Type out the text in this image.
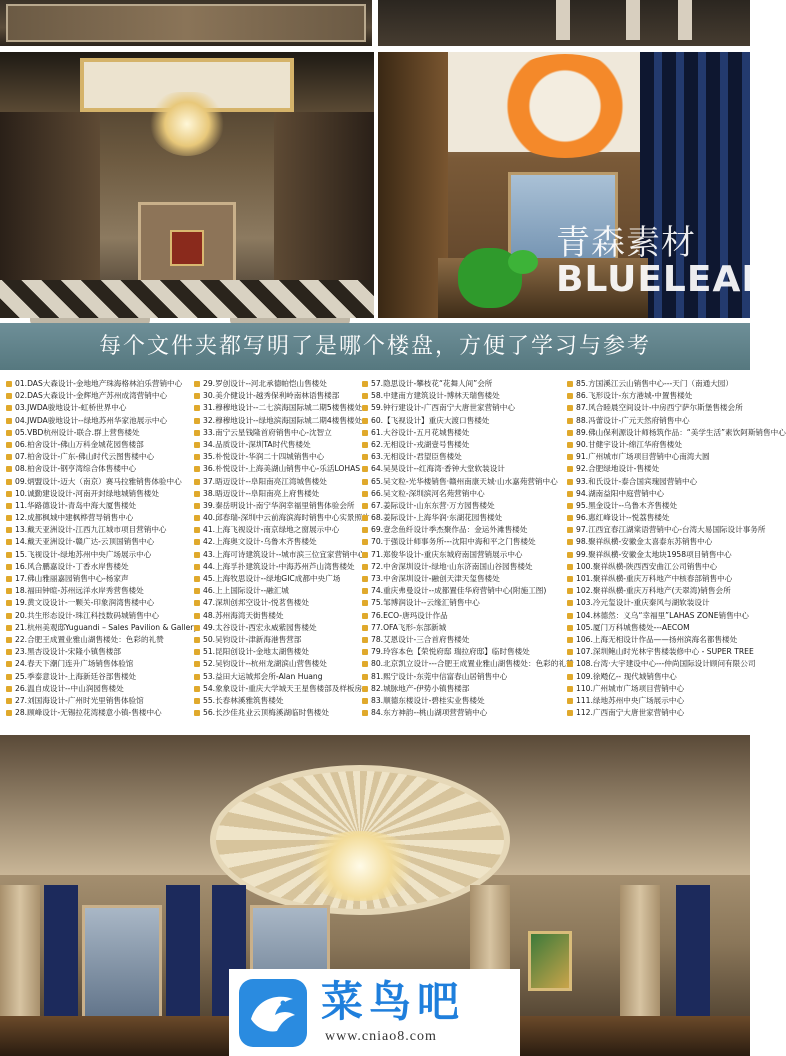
青森素材
BLUELEAF
每个文件夹都写明了是哪个楼盘，方便了学习与参考
01.DAS大森设计-金地地产珠海格林泊乐营销中心
02.DAS大森设计-金辉地产苏州成湾营销中心
03.JWDA骏地设计-虹桥世界中心
04.JWDA骏地设计--绿地苏州华家池展示中心
05.VBD杭州设计-联合.群上营售楼处
06.柏舍设计-佛山万科金城花园售楼部
07.柏舍设计-广东-佛山时代云图售楼中心
08.柏舍设计-钢亨湾综合体售楼中心
09.炳盟设计-迈大（南京）赛马拉雅销售体验中心
10.诚勤建设设计-河南开封绿地城销售楼处
11.华路德设计-青岛中海大厦售楼处
12.成都枫城中建枫桦营导销售中心
13.戴天亚洲设计-江西九江城市项目营销中心
14.戴天亚洲设计-赣广达-云顶国销售中心
15.飞视设计-绿地苏州中央广场展示中心
16.风合鹏嘉设计-丁香水岸售楼处
17.佛山雅丽嘉园销售中心-杨家声
18.福田钟暄-苏州远洋水岸秀营售楼处
19.黄文设设计-一颗关-印象润湾售楼中心
20.共生形态设计-珠江科技数码城销售中心
21.杭州美观邸Yuguandi – Sales Pavilion & Gallery
22.合肥王成置业雅山湖售楼处：色彩的礼赞
23.黑杏设设计-宋隆小镇售楼部
24.春天下潮门连升广场销售体验馆
25.季泰意设计-上海新廷谷部售楼处
26.温自成设计--中山润园售楼处
27.刘国海设计-广州时光里销售体验馆
28.顾峰设计-无锡拉花湾楼意小镇-售楼中心
29.罗创设计--河北承德帕恺山售楼处
30.美介健设计-越秀保利岭南林语售楼部
31.穆穆地设计--二七滨海国际城二期5楼售楼处
32.穆穆地设计--绿地滨海国际城二期4楼售楼处
33.南宁云星钱隆首府销售中心-沈智立
34.品质设计-深圳TA时代售楼处
35.朴悦设计-华润二十四城销售中心
36.朴悦设计-上海美湖山销售中心-乐活LOHAS
37.晤迈设计--阜阳南亮江湾城售楼处
38.晤迈设计--阜阳南亮上府售楼处
39.秦岳明设计-南宁华润幸福里销售体验会所
40.邱春瑞-深圳中云前海滨海时销售中心实景照片
41.上海飞视设计-南京绿地之窗展示中心
42.上海奥文设计-乌鲁木齐售楼处
43.上海可诗建筑设计--城市滨三位宜家营销中心
44.上海孚扑建筑设计-中海苏州芦山湾售楼处
45.上海牧思设计--绿地GIC成都中央广场
46.上上国际设计--融汇城
47.深圳创邦空设计-悦茗售楼处
48.苏州海湾天街售楼处
49.太谷设计-西宏永威紫园售楼处
50.吴钧设计-津新海港售营部
51.昆阳创设计-金地太湖售楼处
52.吴钧设计--杭州龙湖滨山营售楼处
53.益田大运城邦会所-Alan Huang
54.象象设计-重庆大学城天王星售楼部及样板房
55.长春林溪雅筑售楼处
56.长沙佳兆业云顶梅溪湖临时售楼处
57.隐思设计-攀枝花“花舞人间”会所
58.中建南方建筑设计-博林天瑞售楼处
59.钟行建设计-广西南宁大唐世家营销中心
60.【飞视设计】重庆大渡口售楼处
61.大谷设计-五月花城售楼处
62.无相设计-戎湖壹号售楼处
63.无相设计-君望臣售楼处
64.吴昊设计--红海湾·香钟大堂软装设计
65.吴文粒-光华楼销售·赣州南康天城·山水嘉苑营销中心
66.吴文粒-深圳滨河名苑营销中心
67.姜际设计-山东东营·万方园售楼处
68.姜际设计-上海华润·东湖花园售楼处
69.壹念鱼纤设计季杰聚作品：金运外滩售楼处
70.于强设计师事务所---沈阳中海和平之门售楼处
71.郑俊华设计-重庆东城府南国营销展示中心
72.中舍深圳设计-绿地·山东济南国山谷园售楼处
73.中舍深圳设计-融创天津天玺售楼处
74.重庆弗曼设计--成都置佳华府营销中心(附施工图)
75.邹博润设计--云缘汇销售中心
76.ECO-唐玛设计作品
77.OFA飞形-东部新城
78.艾恩设计-三合首府售楼处
79.玲容本色【荣悦府邸 瑞拉府邸】临时售楼处
80.北京凯立设计---合肥王成置业雅山湖售楼处：色彩的礼赞
81.熙宁设计-东莞中信富春山居销售中心
82.城脉地产-伊势小镇售楼部
83.顺德东楼设计-碧桂实业售楼处
84.东方神韵--桃山湖项营营销中心
85.方国溪江云山销售中心---天门（南通大园）
86.飞形设计-东方港城-中置售楼处
87.风合睦晨空间设计-中房西宁萨尔斯堡售楼会所
88.冯蕾设计-广元天然府销售中心
89.佛山保利源设计师杨筑作品：“美学生活”素饮阿斯销售中心
90.甘健宇设计-绵江华府售楼处
91.广州城市广场项目营销中心南湾大圆
92.合肥绿地设计-售楼处
93.和氏设计-泰合国宾瑰园营销中心
94.湖南益阳中庭营销中心
95.黑金设计--乌鲁木齐售楼处
96.惠红峰设计--悦荔售楼处
97.江西宜春江湖棠语营销中心-台湾大易国际设计事务所
98.聚祥纵横-安徽金太喜泰东苏销售中心
99.聚祥纵横-安徽金太地块1958项目销售中心
100.聚祥纵横-陕西西安曲江公司销售中心
101.聚祥纵横-重庆万科地产中核春部销售中心
102.聚祥纵横-重庆万科地产(天翠湾)销售会所
103.冷元玺设计-重庆秦风与湖软装设计
104.林德然：义乌“幸福里”LAHAS ZONE销售中心
105.厦门万科城售楼处---AECOM
106.上海无相设计作品——扬州滨海名都售楼处
107.深圳鲍山时光林宇售楼装修中心 - SUPER TREE
108.台湾·大宇建设中心---仲尚国际设计顾问有限公司
109.徐飏亿-- 现代城销售中心
110.广州城市广场项目营销中心
111.绿地苏州中央广场展示中心
112.广西南宁大唐世家营销中心
菜鸟吧
www.cniao8.com
